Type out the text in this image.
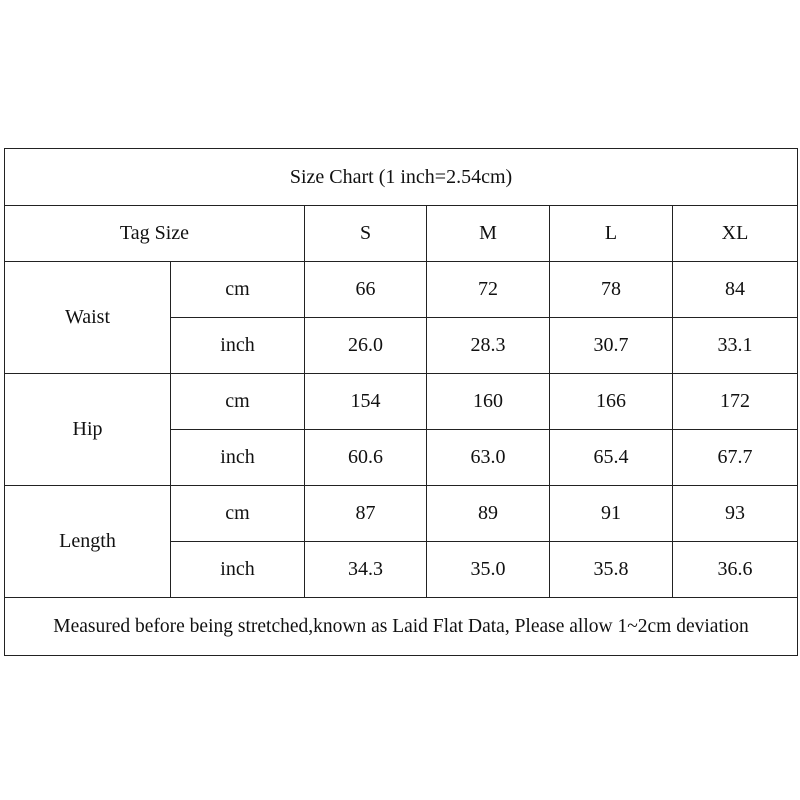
Size Chart (1 inch=2.54cm)					
Tag Size		S	M	L	XL
Waist	cm	66	72	78	84
	inch	26.0	28.3	30.7	33.1
Hip	cm	154	160	166	172
	inch	60.6	63.0	65.4	67.7
Length	cm	87	89	91	93
	inch	34.3	35.0	35.8	36.6
Measured before being stretched,known as Laid Flat Data, Please allow 1~2cm deviation					
